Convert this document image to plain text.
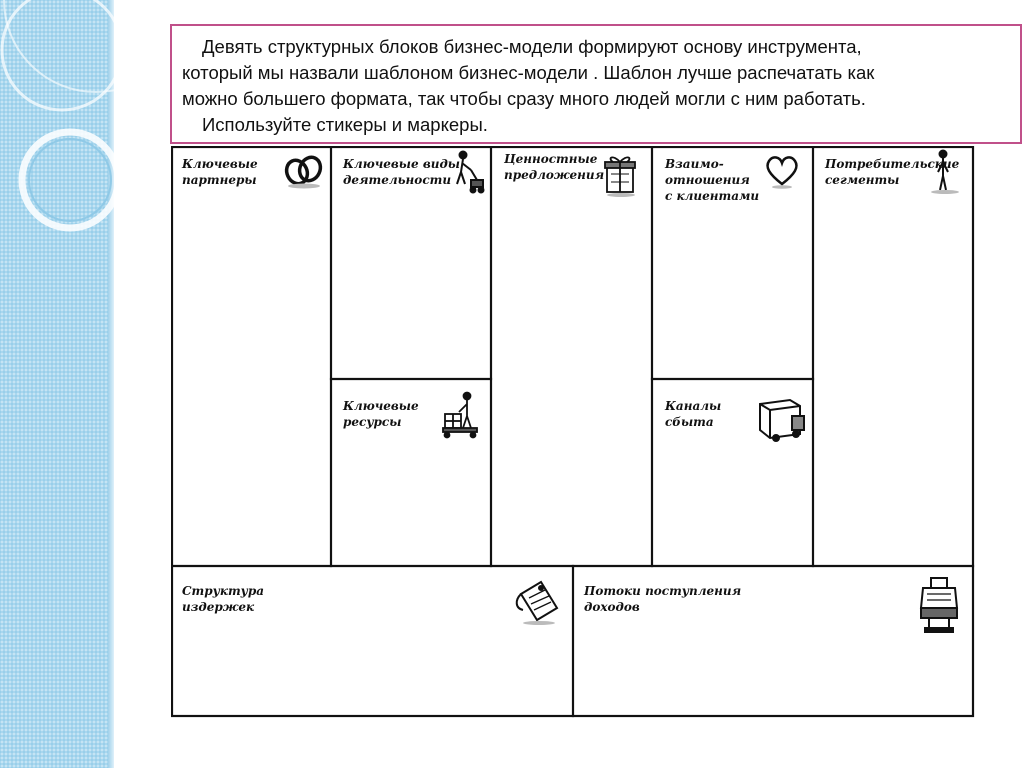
Девять структурных блоков бизнес-модели формируют основу инструмента,

который мы назвали шаблоном бизнес-модели . Шаблон лучше распечатать как

можно большего формата, так чтобы сразу много людей могли с ним работать.

Используйте стикеры и маркеры.

Ключевые
партнеры
Ключевые виды
деятельности
Ценностные
предложения
Взаимо-
отношения
с клиентами
Потребительские
сегменты
Ключевые
ресурсы
Каналы
сбыта
Структура
издержек
Потоки поступления
доходов
